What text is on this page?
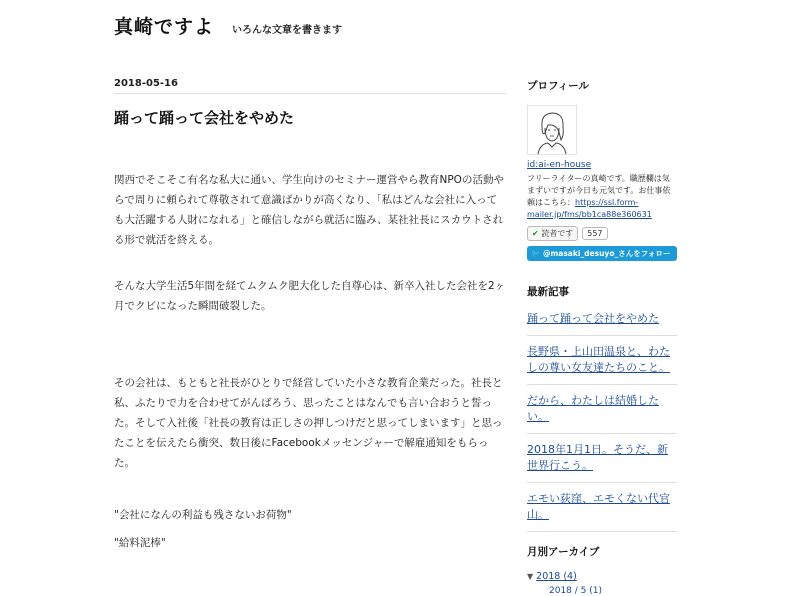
真崎ですよ いろんな文章を書きます
2018-05-16
踊って踊って会社をやめた

関西でそこそこ有名な私大に通い、学生向けのセミナー運営やら教育NPOの活動やらで周りに頼られて尊敬されて意識ばかりが高くなり、「私はどんな会社に入っても大活躍する人財になれる」と確信しながら就活に臨み、某社社長にスカウトされる形で就活を終える。

そんな大学生活5年間を経てムクムク肥大化した自尊心は、新卒入社した会社を2ヶ月でクビになった瞬間破裂した。

その会社は、もともと社長がひとりで経営していた小さな教育企業だった。社長と私、ふたりで力を合わせてがんばろう、思ったことはなんでも言い合おうと誓った。そして入社後「社長の教育は正しさの押しつけだと思ってしまいます」と思ったことを伝えたら衝突、数日後にFacebookメッセンジャーで解雇通知をもらった。

"会社になんの利益も残さないお荷物"

"給料泥棒"

プロフィール
id:ai-en-house
フリーライターの真崎です。職歴欄は気まずいですが今日も元気です。お仕事依頼はこちら：https://ssl.form-mailer.jp/fms/bb1ca88e360631
✔ 読者です	557
🐦 @masaki_desuyo_さんをフォロー
最新記事
踊って踊って会社をやめた
長野県・上山田温泉と、わたしの尊い女友達たちのこと。
だから、わたしは結婚したい。
2018年1月1日。そうだ、新世界行こう。
エモい荻窪、エモくない代官山。
月別アーカイブ
▼ 2018 (4)
2018 / 5 (1)
